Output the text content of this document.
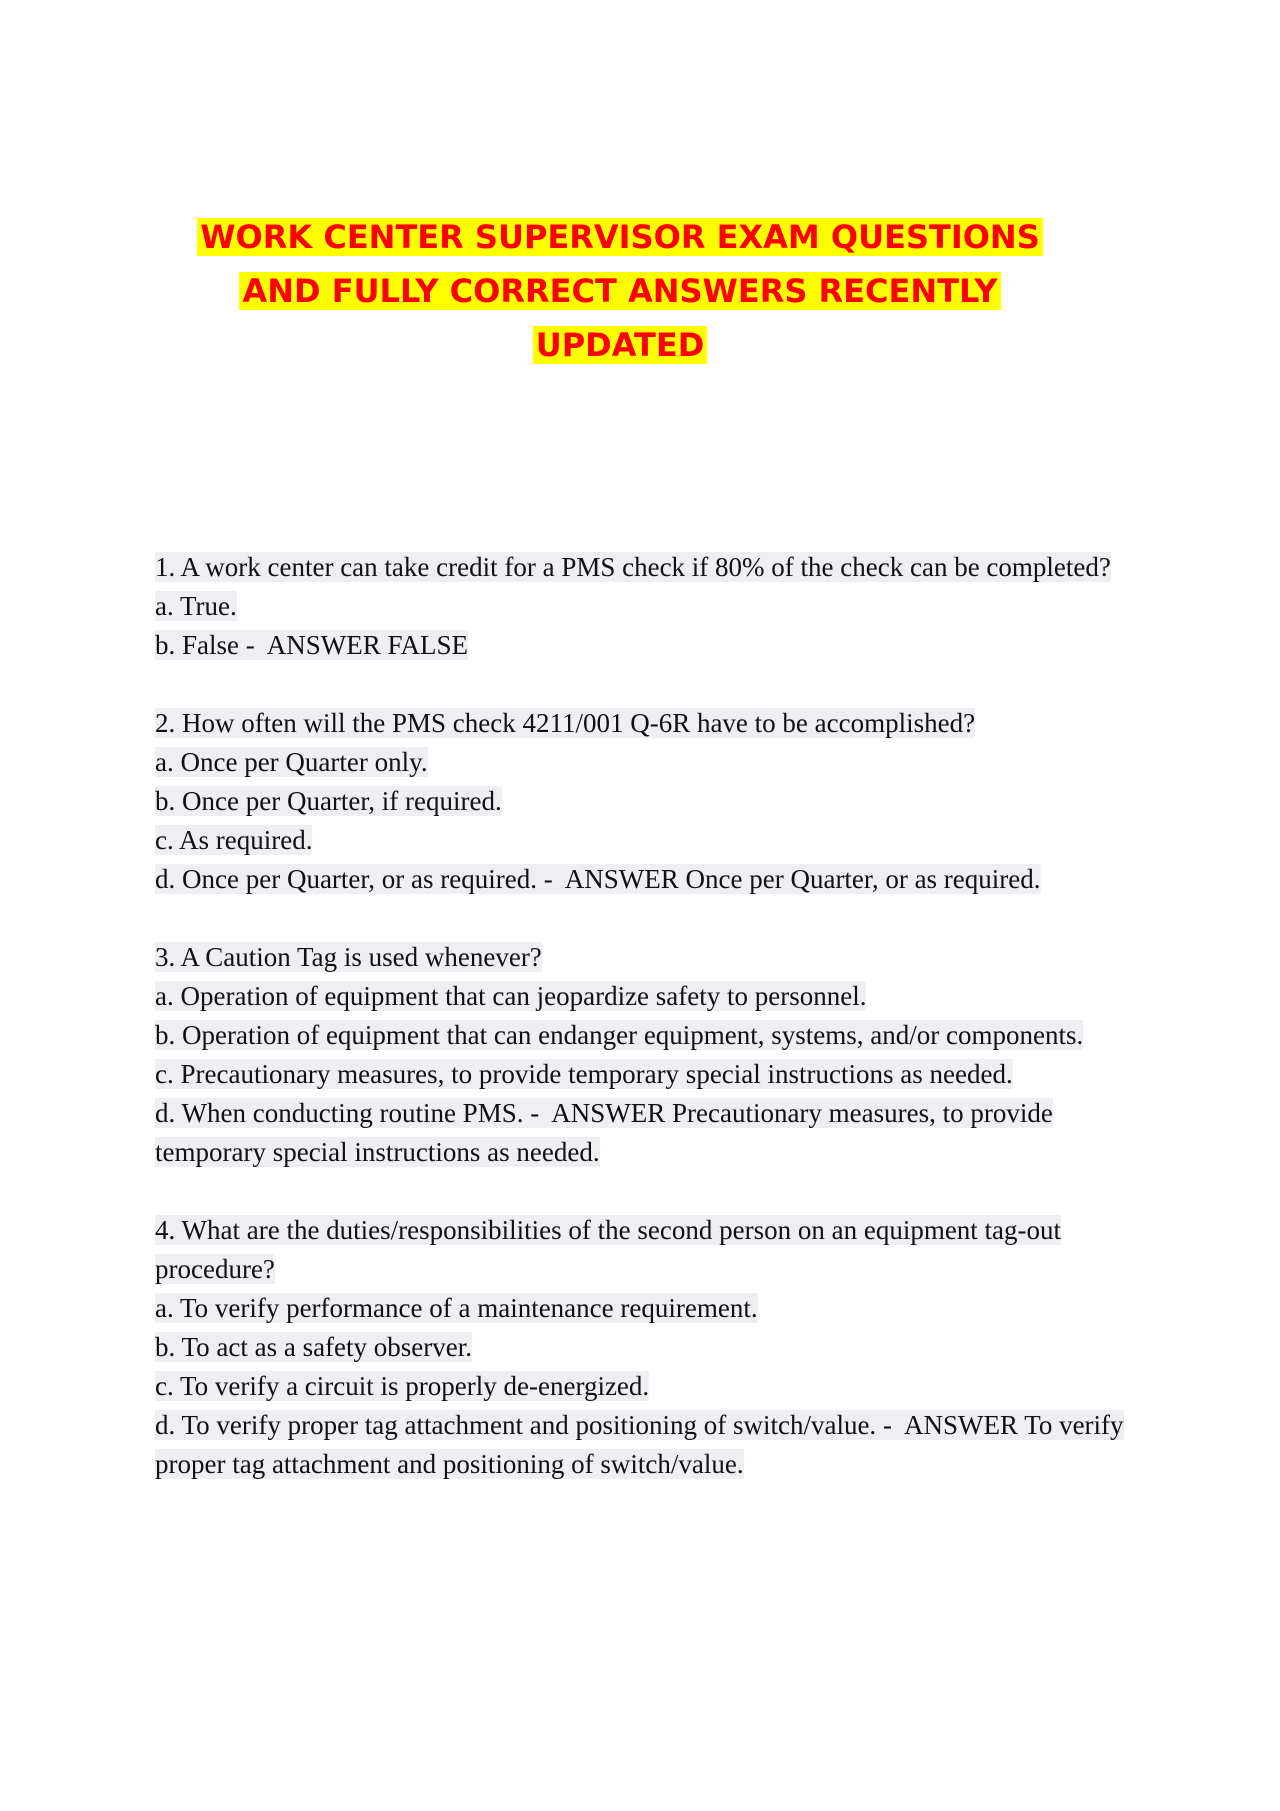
WORK CENTER SUPERVISOR EXAM QUESTIONS
AND FULLY CORRECT ANSWERS RECENTLY
UPDATED

1. A work center can take credit for a PMS check if 80% of the check can be completed?

a. True.

b. False -  ANSWER FALSE

2. How often will the PMS check 4211/001 Q-6R have to be accomplished?

a. Once per Quarter only.

b. Once per Quarter, if required.

c. As required.

d. Once per Quarter, or as required. -  ANSWER Once per Quarter, or as required.

3. A Caution Tag is used whenever?

a. Operation of equipment that can jeopardize safety to personnel.

b. Operation of equipment that can endanger equipment, systems, and/or components.

c. Precautionary measures, to provide temporary special instructions as needed.

d. When conducting routine PMS. -  ANSWER Precautionary measures, to provide temporary special instructions as needed.

4. What are the duties/responsibilities of the second person on an equipment tag-out procedure?

a. To verify performance of a maintenance requirement.

b. To act as a safety observer.

c. To verify a circuit is properly de-energized.

d. To verify proper tag attachment and positioning of switch/value. -  ANSWER To verify proper tag attachment and positioning of switch/value.
